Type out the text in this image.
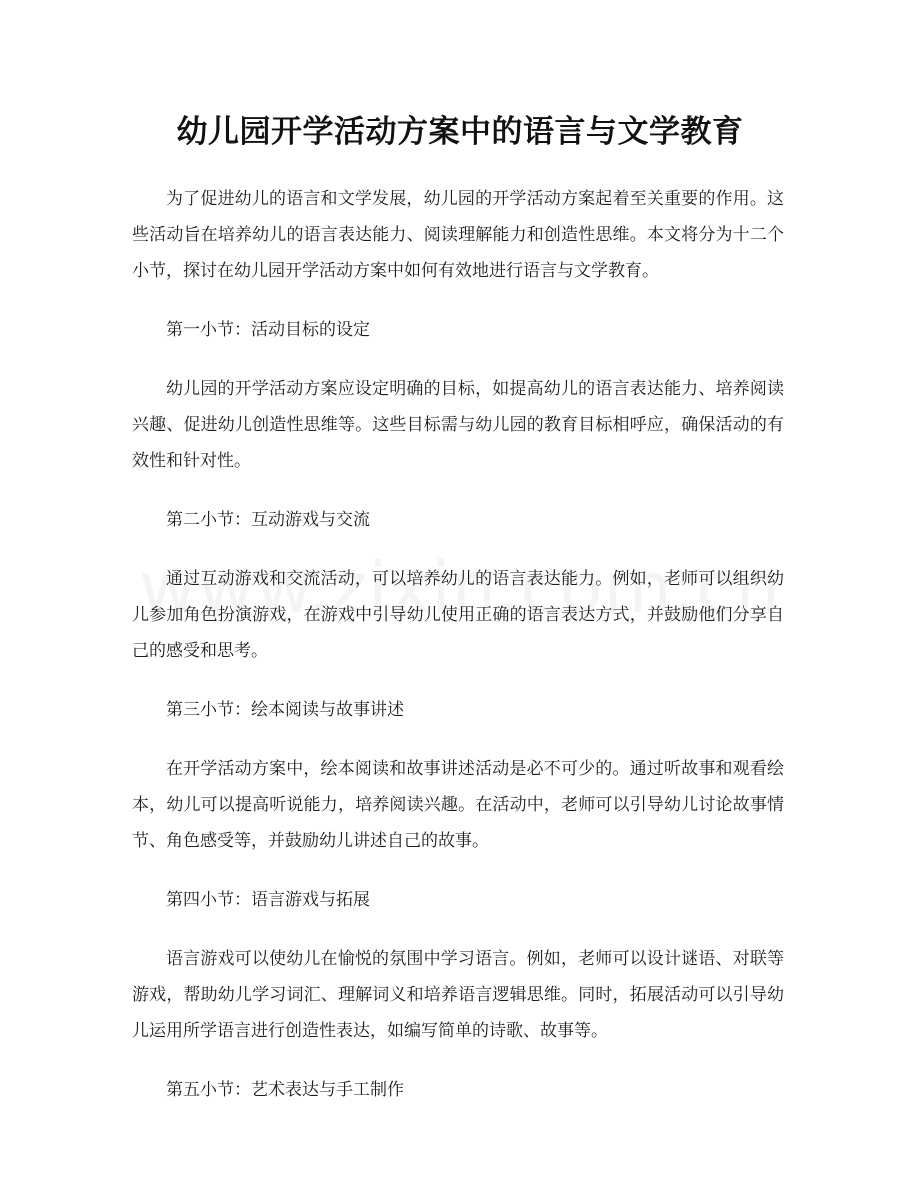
幼儿园开学活动方案中的语言与文学教育

为了促进幼儿的语言和文学发展，幼儿园的开学活动方案起着至关重要的作用。这些活动旨在培养幼儿的语言表达能力、阅读理解能力和创造性思维。本文将分为十二个小节，探讨在幼儿园开学活动方案中如何有效地进行语言与文学教育。

第一小节：活动目标的设定

幼儿园的开学活动方案应设定明确的目标，如提高幼儿的语言表达能力、培养阅读兴趣、促进幼儿创造性思维等。这些目标需与幼儿园的教育目标相呼应，确保活动的有效性和针对性。

第二小节：互动游戏与交流

通过互动游戏和交流活动，可以培养幼儿的语言表达能力。例如，老师可以组织幼儿参加角色扮演游戏，在游戏中引导幼儿使用正确的语言表达方式，并鼓励他们分享自己的感受和思考。

第三小节：绘本阅读与故事讲述

在开学活动方案中，绘本阅读和故事讲述活动是必不可少的。通过听故事和观看绘本，幼儿可以提高听说能力，培养阅读兴趣。在活动中，老师可以引导幼儿讨论故事情节、角色感受等，并鼓励幼儿讲述自己的故事。

第四小节：语言游戏与拓展

语言游戏可以使幼儿在愉悦的氛围中学习语言。例如，老师可以设计谜语、对联等游戏，帮助幼儿学习词汇、理解词义和培养语言逻辑思维。同时，拓展活动可以引导幼儿运用所学语言进行创造性表达，如编写简单的诗歌、故事等。

第五小节：艺术表达与手工制作
